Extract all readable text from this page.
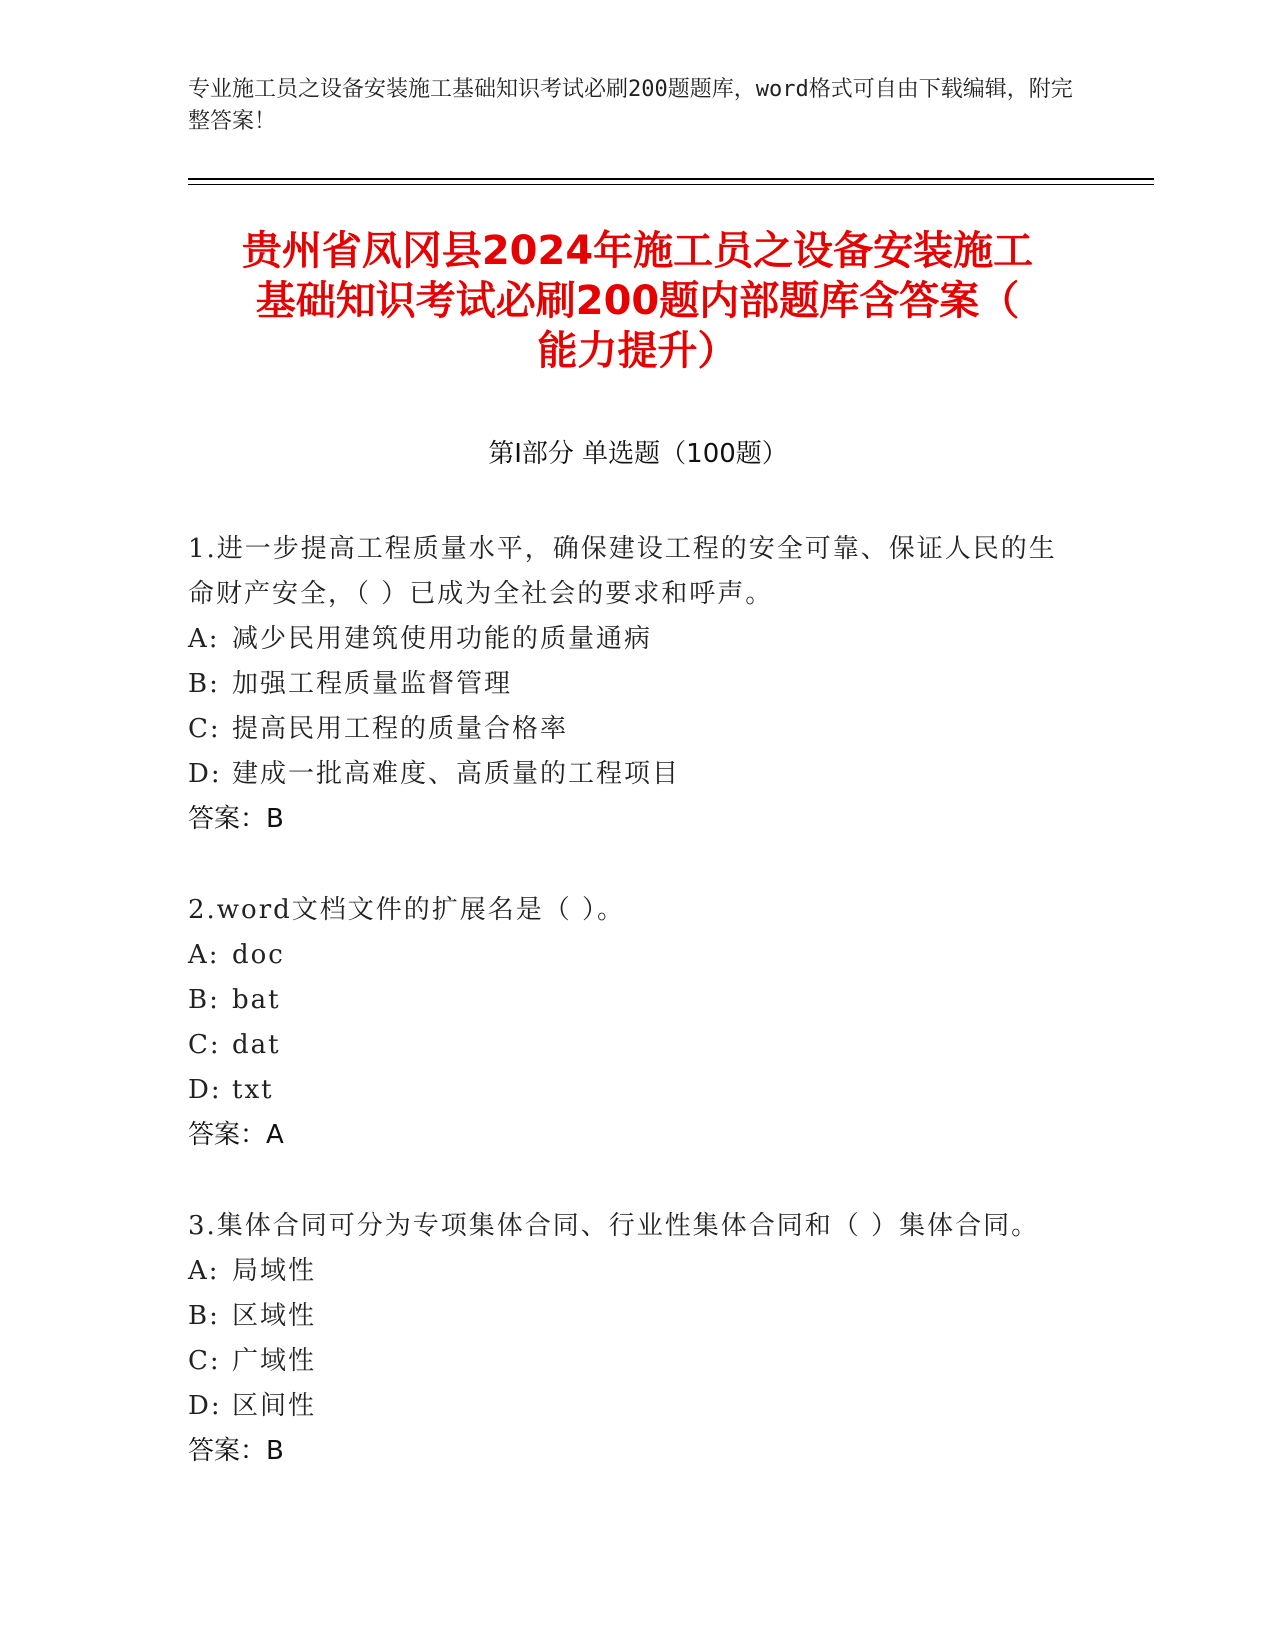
专业施工员之设备安装施工基础知识考试必刷200题题库，word格式可自由下载编辑，附完整答案！
贵州省凤冈县2024年施工员之设备安装施工
基础知识考试必刷200题内部题库含答案（
能力提升）
第I部分 单选题（100题）
1.进一步提高工程质量水平，确保建设工程的安全可靠、保证人民的生命财产安全，（ ）已成为全社会的要求和呼声。
A: 减少民用建筑使用功能的质量通病
B: 加强工程质量监督管理
C: 提高民用工程的质量合格率
D: 建成一批高难度、高质量的工程项目
答案：B
2.word文档文件的扩展名是（ ）。
A: doc
B: bat
C: dat
D: txt
答案：A
3.集体合同可分为专项集体合同、行业性集体合同和（ ）集体合同。
A: 局域性
B: 区域性
C: 广域性
D: 区间性
答案：B
